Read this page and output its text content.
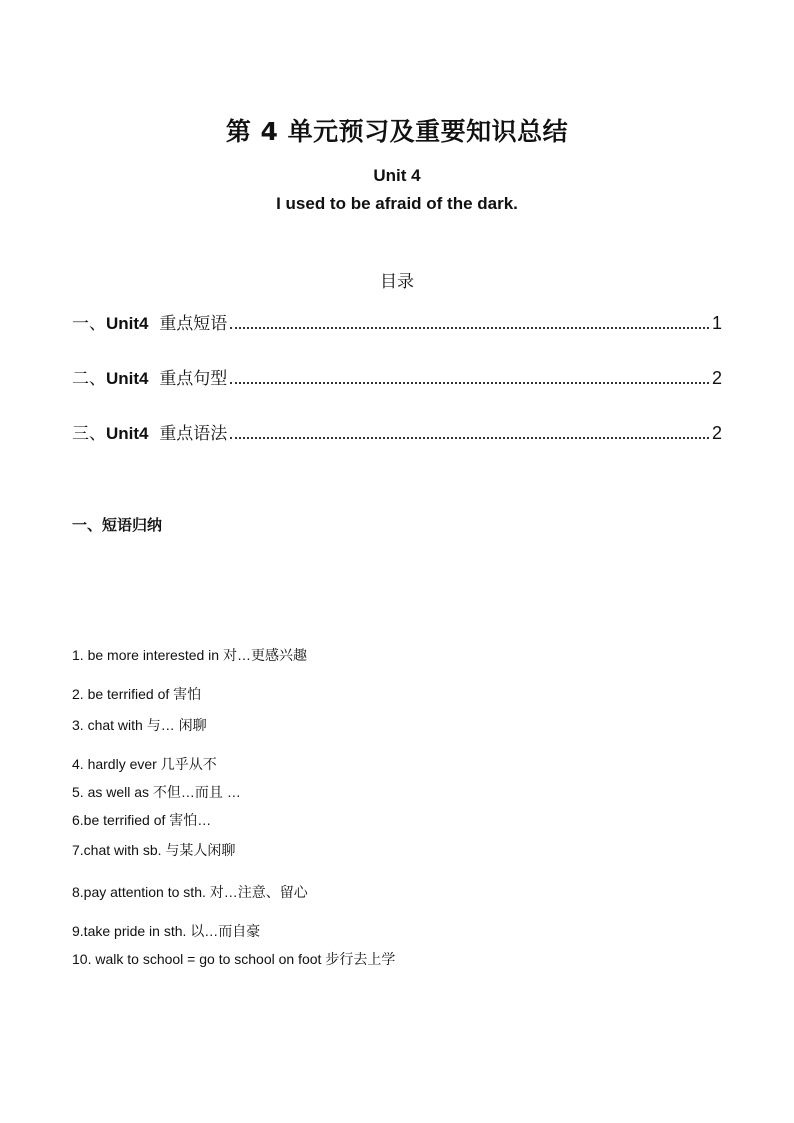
第 4 单元预习及重要知识总结
Unit 4
I used to be afraid of the dark.
目录
一、Unit4 重点短语	1
二、Unit4 重点句型	2
三、Unit4 重点语法	2
一、短语归纳
1. be more interested in 对…更感兴趣
2. be terrified of 害怕
3. chat with 与… 闲聊
4. hardly ever 几乎从不
5. as well as 不但…而且 …
6.be terrified of 害怕…
7.chat with sb. 与某人闲聊
8.pay attention to sth. 对…注意、留心
9.take pride in sth. 以…而自豪
10. walk to school = go to school on foot 步行去上学
